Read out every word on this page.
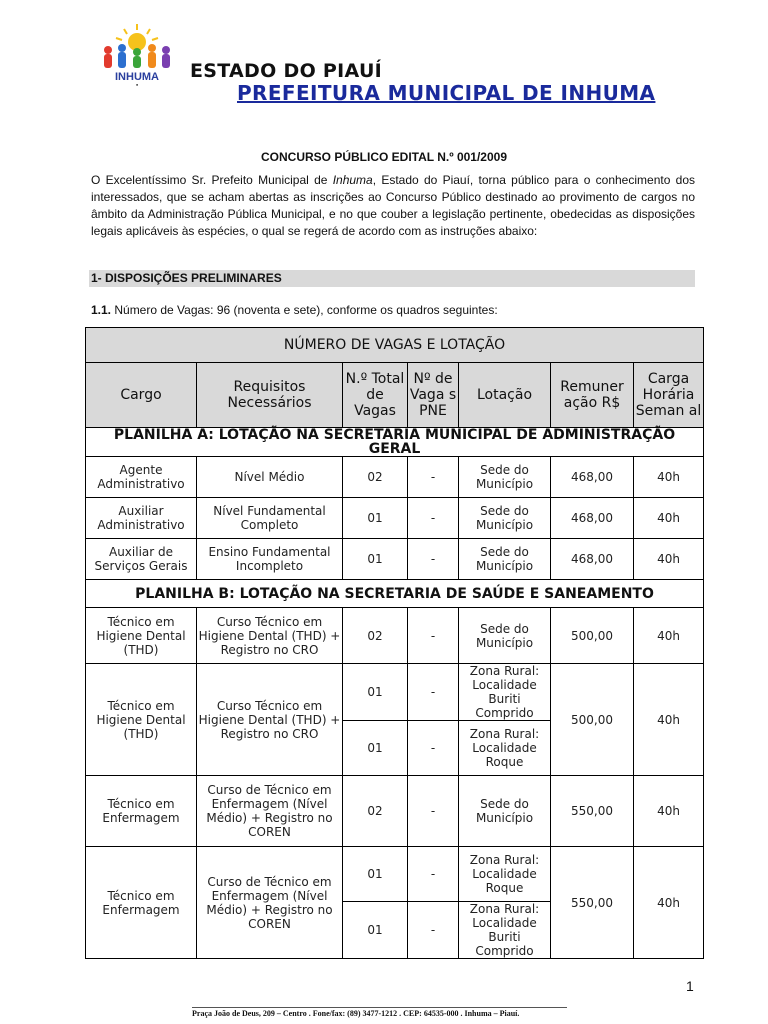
INHUMA
■
ESTADO DO PIAUÍ
PREFEITURA MUNICIPAL DE INHUMA
CONCURSO PÚBLICO EDITAL N.º 001/2009
O Excelentíssimo Sr. Prefeito Municipal de Inhuma, Estado do Piauí, torna público para o conhecimento dos interessados, que se acham abertas as inscrições ao Concurso Público destinado ao provimento de cargos no âmbito da Administração Pública Municipal, e no que couber a legislação pertinente, obedecidas as disposições legais aplicáveis às espécies, o qual se regerá de acordo com as instruções abaixo:
1- DISPOSIÇÕES PRELIMINARES
1.1. Número de Vagas: 96 (noventa e sete), conforme os quadros seguintes:
NÚMERO DE VAGAS E LOTAÇÃO						
Cargo	Requisitos Necessários	N.º Total de Vagas	Nº de Vaga s PNE	Lotação	Remuner ação R$	Carga Horária Seman al
PLANILHA A: LOTAÇÃO NA SECRETARIA MUNICIPAL DE ADMINISTRAÇÃO GERAL						
Agente Administrativo	Nível Médio	02	-	Sede do Município	468,00	40h
Auxiliar Administrativo	Nível Fundamental Completo	01	-	Sede do Município	468,00	40h
Auxiliar de Serviços Gerais	Ensino Fundamental Incompleto	01	-	Sede do Município	468,00	40h
PLANILHA B: LOTAÇÃO NA SECRETARIA DE SAÚDE E SANEAMENTO						
Técnico em Higiene Dental (THD)	Curso Técnico em Higiene Dental (THD) + Registro no CRO	02	-	Sede do Município	500,00	40h
Técnico em Higiene Dental (THD)	Curso Técnico em Higiene Dental (THD) + Registro no CRO	01	-	Zona Rural: Localidade Buriti Comprido	500,00	40h
		01	-	Zona Rural: Localidade Roque		
Técnico em Enfermagem	Curso de Técnico em Enfermagem (Nível Médio) + Registro no COREN	02	-	Sede do Município	550,00	40h
Técnico em Enfermagem	Curso de Técnico em Enfermagem (Nível Médio) + Registro no COREN	01	-	Zona Rural: Localidade Roque	550,00	40h
		01	-	Zona Rural: Localidade Buriti Comprido		
1
Praça João de Deus, 209 – Centro . Fone/fax: (89) 3477-1212 . CEP: 64535-000 . Inhuma – Piauí.
